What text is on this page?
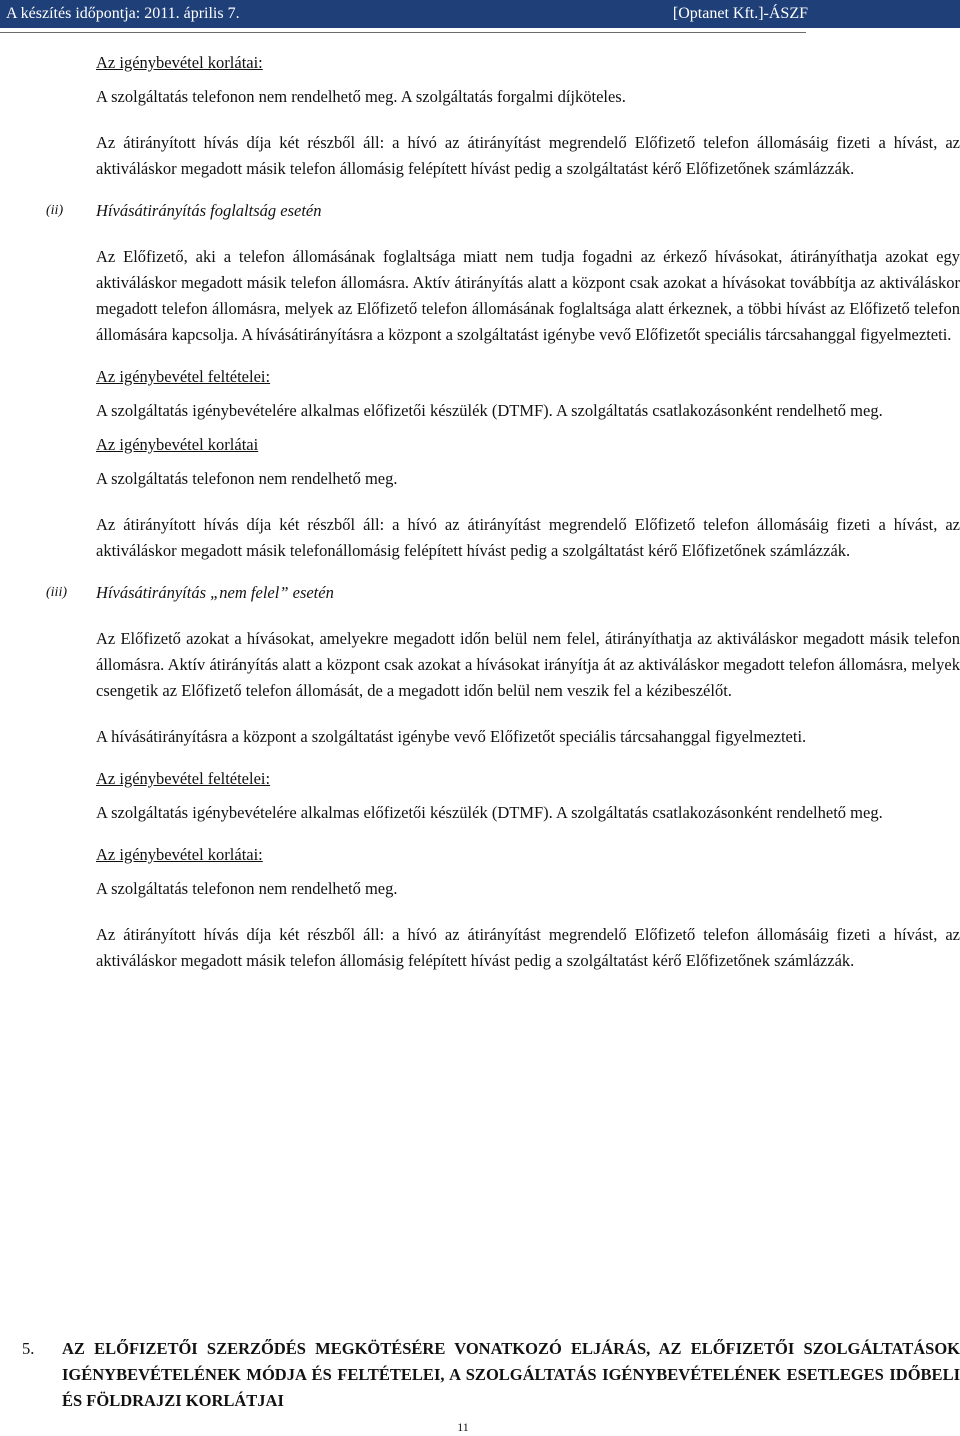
A készítés időpontja: 2011. április 7.	[Optanet Kft.]-ÁSZF

Az igénybevétel korlátai:

A szolgáltatás telefonon nem rendelhető meg. A szolgáltatás forgalmi díjköteles.

Az átirányított hívás díja két részből áll: a hívó az átirányítást megrendelő Előfizető telefon állomásáig fizeti a hívást, az aktiváláskor megadott másik telefon állomásig felépített hívást pedig a szolgáltatást kérő Előfizetőnek számlázzák.

(ii) Hívásátirányítás foglaltság esetén

Az Előfizető, aki a telefon állomásának foglaltsága miatt nem tudja fogadni az érkező hívásokat, átirányíthatja azokat egy aktiváláskor megadott másik telefon állomásra. Aktív átirányítás alatt a központ csak azokat a hívásokat továbbítja az aktiváláskor megadott telefon állomásra, melyek az Előfizető telefon állomásának foglaltsága alatt érkeznek, a többi hívást az Előfizető telefon állomására kapcsolja. A hívásátirányításra a központ a szolgáltatást igénybe vevő Előfizetőt speciális tárcsahanggal figyelmezteti.

Az igénybevétel feltételei:

A szolgáltatás igénybevételére alkalmas előfizetői készülék (DTMF). A szolgáltatás csatlakozásonként rendelhető meg.

Az igénybevétel korlátai

A szolgáltatás telefonon nem rendelhető meg.

Az átirányított hívás díja két részből áll: a hívó az átirányítást megrendelő Előfizető telefon állomásáig fizeti a hívást, az aktiváláskor megadott másik telefonállomásig felépített hívást pedig a szolgáltatást kérő Előfizetőnek számlázzák.

(iii) Hívásátirányítás „nem felel” esetén

Az Előfizető azokat a hívásokat, amelyekre megadott időn belül nem felel, átirányíthatja az aktiváláskor megadott másik telefon állomásra. Aktív átirányítás alatt a központ csak azokat a hívásokat irányítja át az aktiváláskor megadott telefon állomásra, melyek csengetik az Előfizető telefon állomását, de a megadott időn belül nem veszik fel a kézibeszélőt.

A hívásátirányításra a központ a szolgáltatást igénybe vevő Előfizetőt speciális tárcsahanggal figyelmezteti.

Az igénybevétel feltételei:

A szolgáltatás igénybevételére alkalmas előfizetői készülék (DTMF). A szolgáltatás csatlakozásonként rendelhető meg.

Az igénybevétel korlátai:

A szolgáltatás telefonon nem rendelhető meg.

Az átirányított hívás díja két részből áll: a hívó az átirányítást megrendelő Előfizető telefon állomásáig fizeti a hívást, az aktiváláskor megadott másik telefon állomásig felépített hívást pedig a szolgáltatást kérő Előfizetőnek számlázzák.

5. AZ ELŐFIZETŐI SZERZŐDÉS MEGKÖTÉSÉRE VONATKOZÓ ELJÁRÁS, AZ ELŐFIZETŐI SZOLGÁLTATÁSOK IGÉNYBEVÉTELÉNEK MÓDJA ÉS FELTÉTELEI, A SZOLGÁLTATÁS IGÉNYBEVÉTELÉNEK ESETLEGES IDŐBELI ÉS FÖLDRAJZI KORLÁTJAI
11
